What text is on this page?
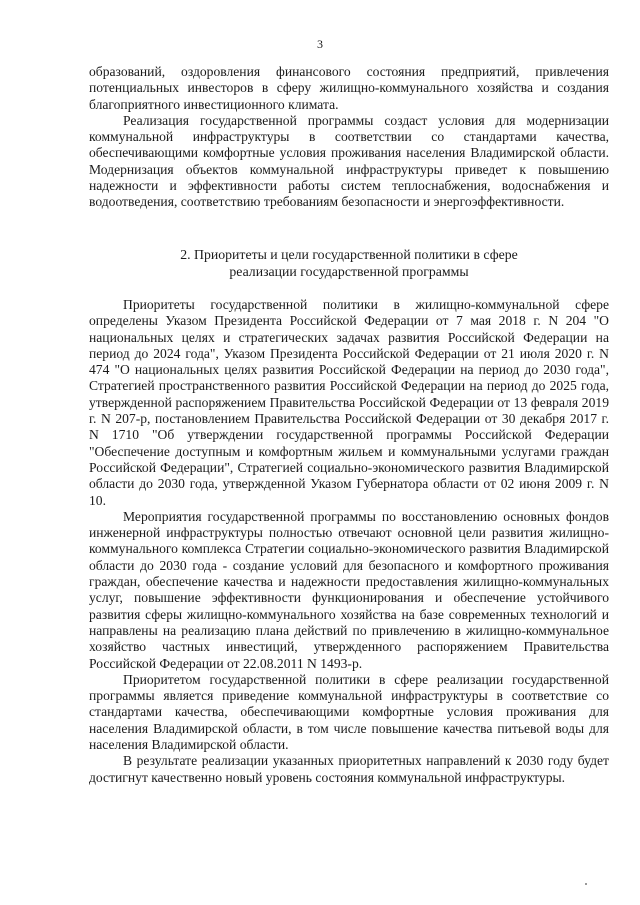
3

образований, оздоровления финансового состояния предприятий, привлечения потенциальных инвесторов в сферу жилищно-коммунального хозяйства и создания благоприятного инвестиционного климата.

Реализация государственной программы создаст условия для модернизации коммунальной инфраструктуры в соответствии со стандартами качества, обеспечивающими комфортные условия проживания населения Владимирской области. Модернизация объектов коммунальной инфраструктуры приведет к повышению надежности и эффективности работы систем теплоснабжения, водоснабжения и водоотведения, соответствию требованиям безопасности и энергоэффективности.

2. Приоритеты и цели государственной политики в сфере
реализации государственной программы

Приоритеты государственной политики в жилищно-коммунальной сфере определены Указом Президента Российской Федерации от 7 мая 2018 г. N 204 "О национальных целях и стратегических задачах развития Российской Федерации на период до 2024 года", Указом Президента Российской Федерации от 21 июля 2020 г. N 474 "О национальных целях развития Российской Федерации на период до 2030 года", Стратегией пространственного развития Российской Федерации на период до 2025 года, утвержденной распоряжением Правительства Российской Федерации от 13 февраля 2019 г. N 207-р, постановлением Правительства Российской Федерации от 30 декабря 2017 г. N 1710 "Об утверждении государственной программы Российской Федерации "Обеспечение доступным и комфортным жильем и коммунальными услугами граждан Российской Федерации", Стратегией социально-экономического развития Владимирской области до 2030 года, утвержденной Указом Губернатора области от 02 июня 2009 г. N 10.

Мероприятия государственной программы по восстановлению основных фондов инженерной инфраструктуры полностью отвечают основной цели развития жилищно-коммунального комплекса Стратегии социально-экономического развития Владимирской области до 2030 года - создание условий для безопасного и комфортного проживания граждан, обеспечение качества и надежности предоставления жилищно-коммунальных услуг, повышение эффективности функционирования и обеспечение устойчивого развития сферы жилищно-коммунального хозяйства на базе современных технологий и направлены на реализацию плана действий по привлечению в жилищно-коммунальное хозяйство частных инвестиций, утвержденного распоряжением Правительства Российской Федерации от 22.08.2011 N 1493-р.

Приоритетом государственной политики в сфере реализации государственной программы является приведение коммунальной инфраструктуры в соответствие со стандартами качества, обеспечивающими комфортные условия проживания для населения Владимирской области, в том числе повышение качества питьевой воды для населения Владимирской области.

В результате реализации указанных приоритетных направлений к 2030 году будет достигнут качественно новый уровень состояния коммунальной инфраструктуры.
